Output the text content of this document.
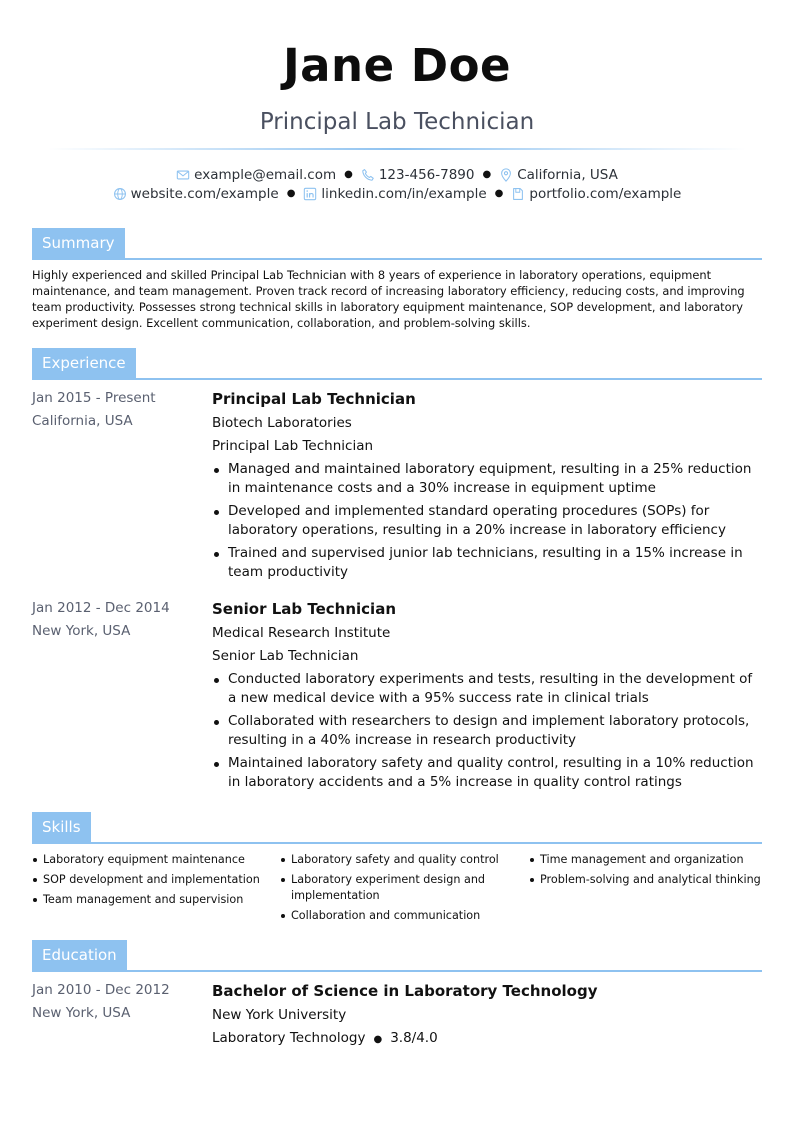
Jane Doe
Principal Lab Technician
example@email.com ● 123-456-7890 ● California, USA
website.com/example ● linkedin.com/in/example ● portfolio.com/example
Summary
Highly experienced and skilled Principal Lab Technician with 8 years of experience in laboratory operations, equipment maintenance, and team management. Proven track record of increasing laboratory efficiency, reducing costs, and improving team productivity. Possesses strong technical skills in laboratory equipment maintenance, SOP development, and laboratory experiment design. Excellent communication, collaboration, and problem-solving skills.
Experience
Jan 2015 - Present
California, USA
Principal Lab Technician
Biotech Laboratories
Principal Lab Technician
Managed and maintained laboratory equipment, resulting in a 25% reduction in maintenance costs and a 30% increase in equipment uptime
Developed and implemented standard operating procedures (SOPs) for laboratory operations, resulting in a 20% increase in laboratory efficiency
Trained and supervised junior lab technicians, resulting in a 15% increase in team productivity
Jan 2012 - Dec 2014
New York, USA
Senior Lab Technician
Medical Research Institute
Senior Lab Technician
Conducted laboratory experiments and tests, resulting in the development of a new medical device with a 95% success rate in clinical trials
Collaborated with researchers to design and implement laboratory protocols, resulting in a 40% increase in research productivity
Maintained laboratory safety and quality control, resulting in a 10% reduction in laboratory accidents and a 5% increase in quality control ratings
Skills
Laboratory equipment maintenance
SOP development and implementation
Team management and supervision
Laboratory safety and quality control
Laboratory experiment design and implementation
Collaboration and communication
Time management and organization
Problem-solving and analytical thinking
Education
Jan 2010 - Dec 2012
New York, USA
Bachelor of Science in Laboratory Technology
New York University
Laboratory Technology ● 3.8/4.0
